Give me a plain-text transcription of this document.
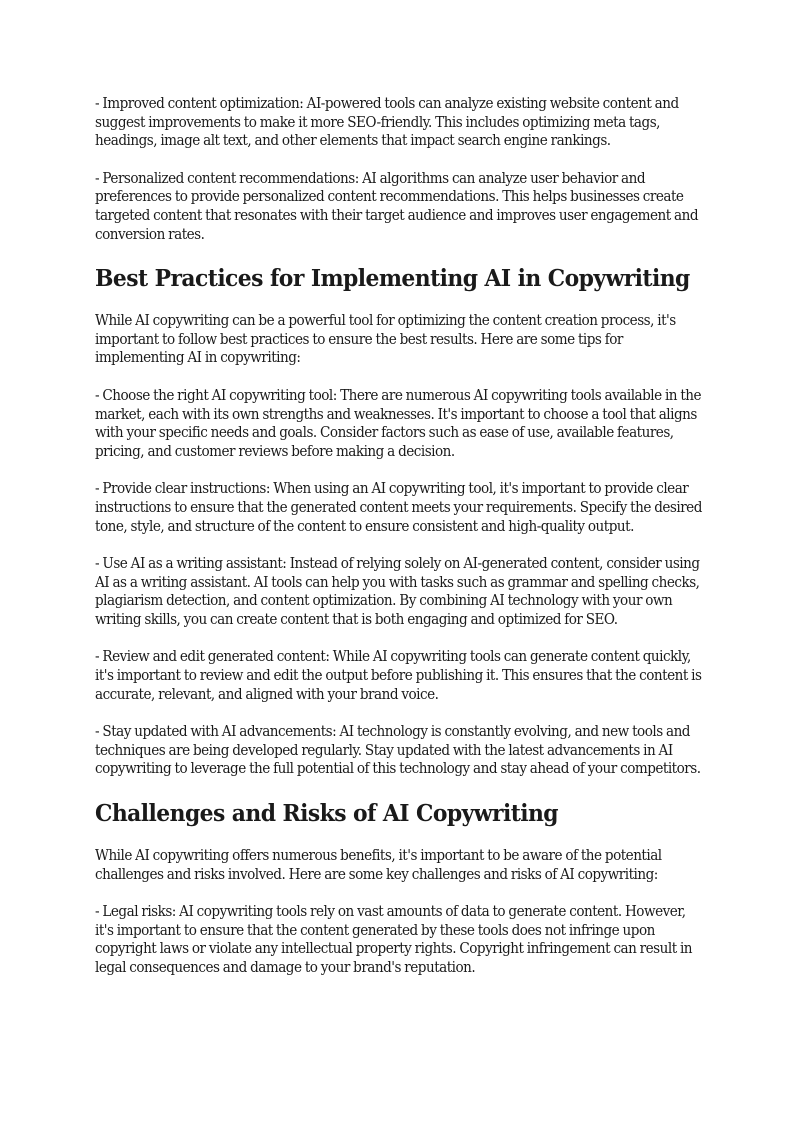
- Improved content optimization: AI-powered tools can analyze existing website content and suggest improvements to make it more SEO-friendly. This includes optimizing meta tags, headings, image alt text, and other elements that impact search engine rankings.

- Personalized content recommendations: AI algorithms can analyze user behavior and preferences to provide personalized content recommendations. This helps businesses create targeted content that resonates with their target audience and improves user engagement and conversion rates.

Best Practices for Implementing AI in Copywriting

While AI copywriting can be a powerful tool for optimizing the content creation process, it's important to follow best practices to ensure the best results. Here are some tips for implementing AI in copywriting:

- Choose the right AI copywriting tool: There are numerous AI copywriting tools available in the market, each with its own strengths and weaknesses. It's important to choose a tool that aligns with your specific needs and goals. Consider factors such as ease of use, available features, pricing, and customer reviews before making a decision.

- Provide clear instructions: When using an AI copywriting tool, it's important to provide clear instructions to ensure that the generated content meets your requirements. Specify the desired tone, style, and structure of the content to ensure consistent and high-quality output.

- Use AI as a writing assistant: Instead of relying solely on AI-generated content, consider using AI as a writing assistant. AI tools can help you with tasks such as grammar and spelling checks, plagiarism detection, and content optimization. By combining AI technology with your own writing skills, you can create content that is both engaging and optimized for SEO.

- Review and edit generated content: While AI copywriting tools can generate content quickly, it's important to review and edit the output before publishing it. This ensures that the content is accurate, relevant, and aligned with your brand voice.

- Stay updated with AI advancements: AI technology is constantly evolving, and new tools and techniques are being developed regularly. Stay updated with the latest advancements in AI copywriting to leverage the full potential of this technology and stay ahead of your competitors.

Challenges and Risks of AI Copywriting

While AI copywriting offers numerous benefits, it's important to be aware of the potential challenges and risks involved. Here are some key challenges and risks of AI copywriting:

- Legal risks: AI copywriting tools rely on vast amounts of data to generate content. However, it's important to ensure that the content generated by these tools does not infringe upon copyright laws or violate any intellectual property rights. Copyright infringement can result in legal consequences and damage to your brand's reputation.
